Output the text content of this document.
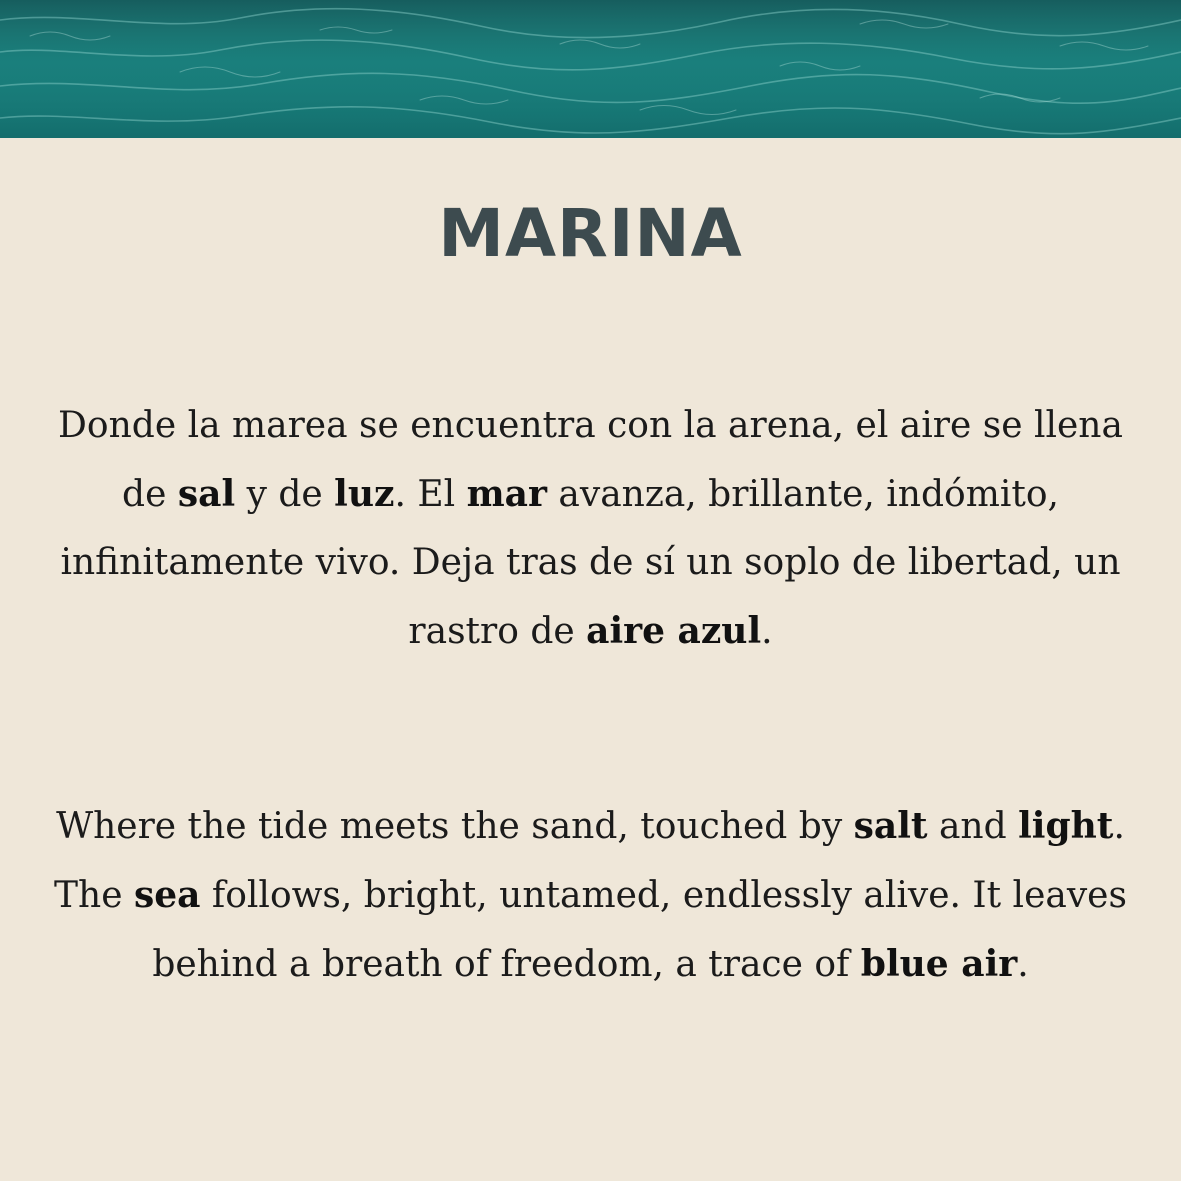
MARINA

Donde la marea se encuentra con la arena, el aire se llena de sal y de luz. El mar avanza, brillante, indómito, infinitamente vivo. Deja tras de sí un soplo de libertad, un rastro de aire azul.

Where the tide meets the sand, touched by salt and light. The sea follows, bright, untamed, endlessly alive. It leaves behind a breath of freedom, a trace of blue air.
